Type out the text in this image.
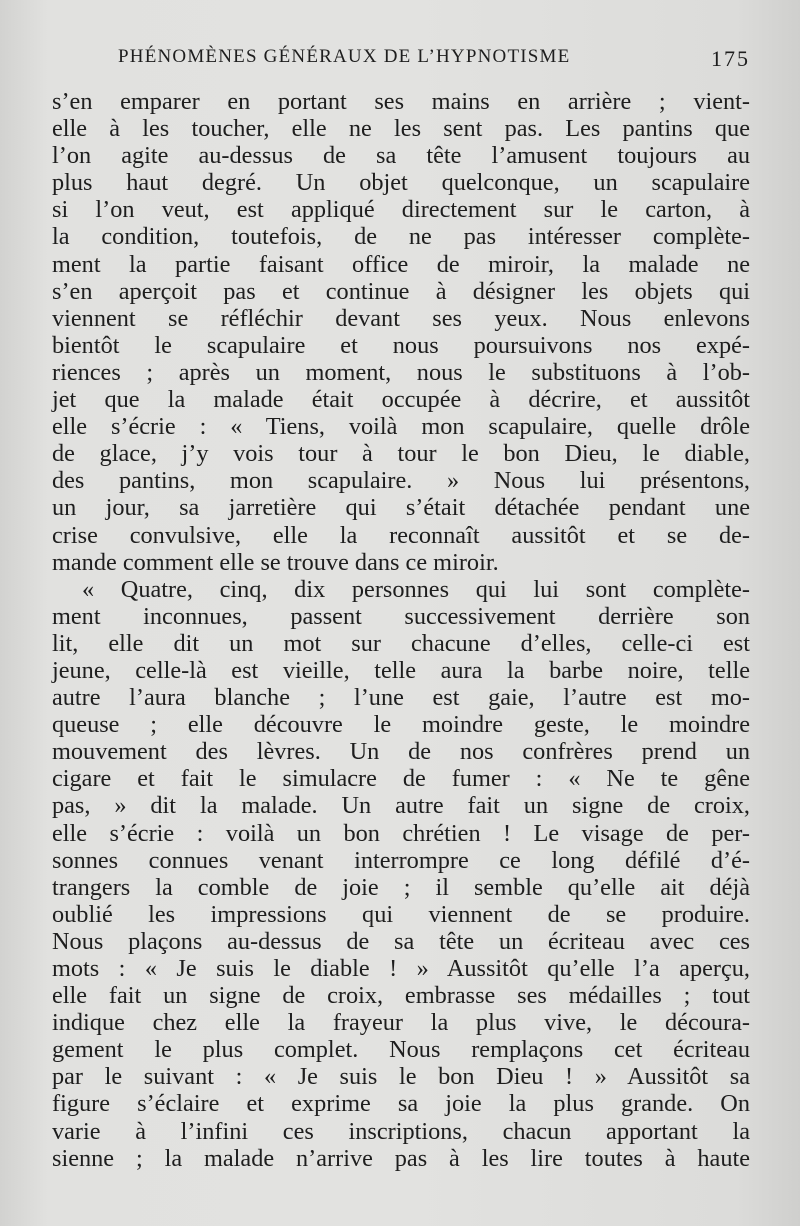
PHÉNOMÈNES GÉNÉRAUX DE L’HYPNOTISME	175
s’en emparer en portant ses mains en arrière ; vient-
elle à les toucher, elle ne les sent pas. Les pantins que
l’on agite au-dessus de sa tête l’amusent toujours au
plus haut degré. Un objet quelconque, un scapulaire
si l’on veut, est appliqué directement sur le carton, à
la condition, toutefois, de ne pas intéresser complète-
ment la partie faisant office de miroir, la malade ne
s’en aperçoit pas et continue à désigner les objets qui
viennent se réfléchir devant ses yeux. Nous enlevons
bientôt le scapulaire et nous poursuivons nos expé-
riences ; après un moment, nous le substituons à l’ob-
jet que la malade était occupée à décrire, et aussitôt
elle s’écrie : « Tiens, voilà mon scapulaire, quelle drôle
de glace, j’y vois tour à tour le bon Dieu, le diable,
des pantins, mon scapulaire. » Nous lui présentons,
un jour, sa jarretière qui s’était détachée pendant une
crise convulsive, elle la reconnaît aussitôt et se de-
mande comment elle se trouve dans ce miroir.
« Quatre, cinq, dix personnes qui lui sont complète-
ment inconnues, passent successivement derrière son
lit, elle dit un mot sur chacune d’elles, celle-ci est
jeune, celle-là est vieille, telle aura la barbe noire, telle
autre l’aura blanche ; l’une est gaie, l’autre est mo-
queuse ; elle découvre le moindre geste, le moindre
mouvement des lèvres. Un de nos confrères prend un
cigare et fait le simulacre de fumer : « Ne te gêne
pas, » dit la malade. Un autre fait un signe de croix,
elle s’écrie : voilà un bon chrétien ! Le visage de per-
sonnes connues venant interrompre ce long défilé d’é-
trangers la comble de joie ; il semble qu’elle ait déjà
oublié les impressions qui viennent de se produire.
Nous plaçons au-dessus de sa tête un écriteau avec ces
mots : « Je suis le diable ! » Aussitôt qu’elle l’a aperçu,
elle fait un signe de croix, embrasse ses médailles ; tout
indique chez elle la frayeur la plus vive, le découra-
gement le plus complet. Nous remplaçons cet écriteau
par le suivant : « Je suis le bon Dieu ! » Aussitôt sa
figure s’éclaire et exprime sa joie la plus grande. On
varie à l’infini ces inscriptions, chacun apportant la
sienne ; la malade n’arrive pas à les lire toutes à haute
